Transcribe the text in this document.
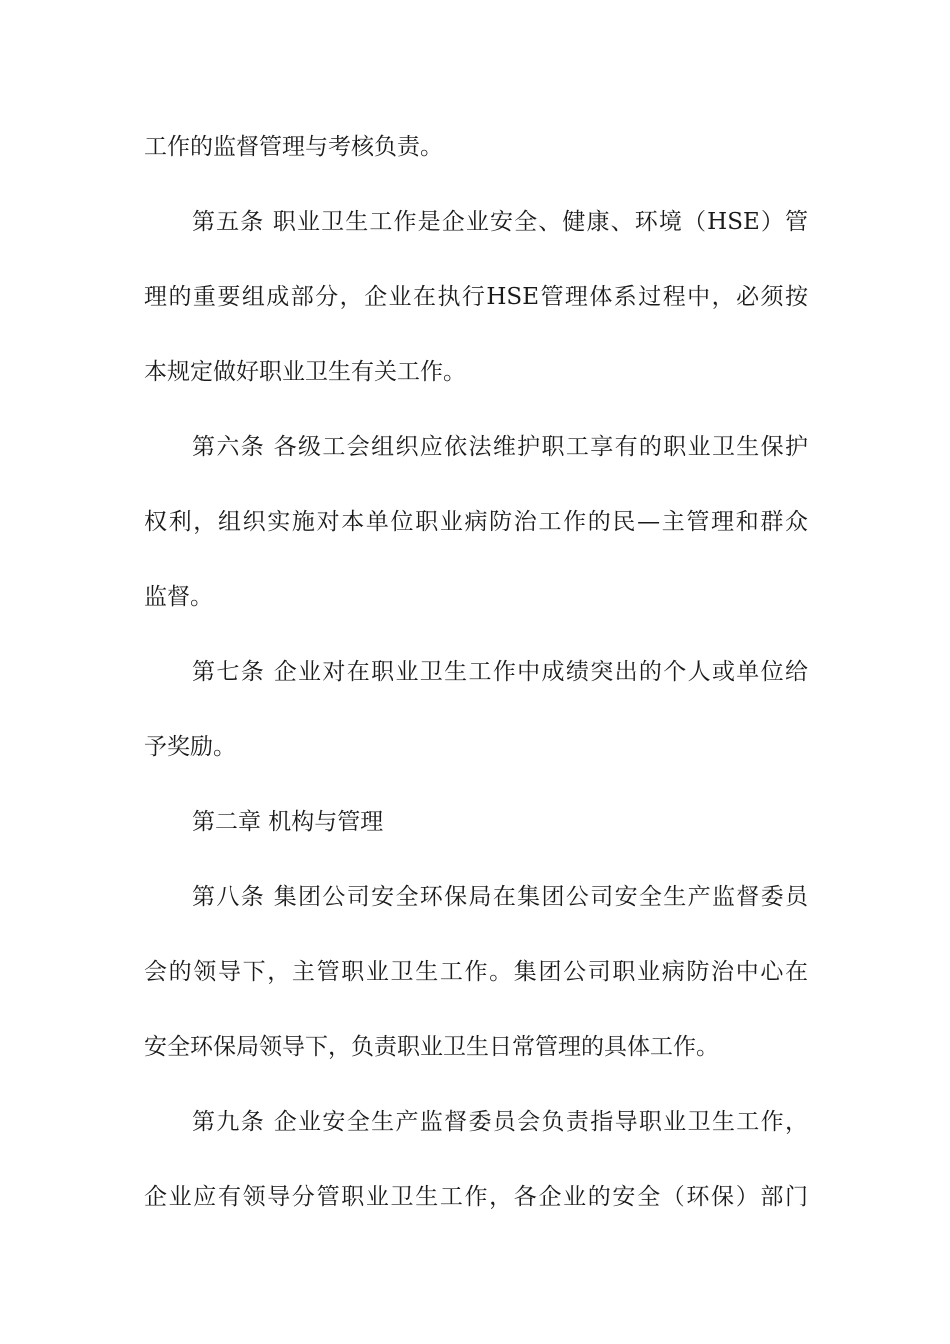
工作的监督管理与考核负责。
第五条 职业卫生工作是企业安全、健康、环境（HSE）管
理的重要组成部分，企业在执行HSE管理体系过程中，必须按
本规定做好职业卫生有关工作。
第六条 各级工会组织应依法维护职工享有的职业卫生保护
权利，组织实施对本单位职业病防治工作的民—主管理和群众
监督。
第七条 企业对在职业卫生工作中成绩突出的个人或单位给
予奖励。
第二章 机构与管理
第八条 集团公司安全环保局在集团公司安全生产监督委员
会的领导下，主管职业卫生工作。集团公司职业病防治中心在
安全环保局领导下，负责职业卫生日常管理的具体工作。
第九条 企业安全生产监督委员会负责指导职业卫生工作，
企业应有领导分管职业卫生工作，各企业的安全（环保）部门
